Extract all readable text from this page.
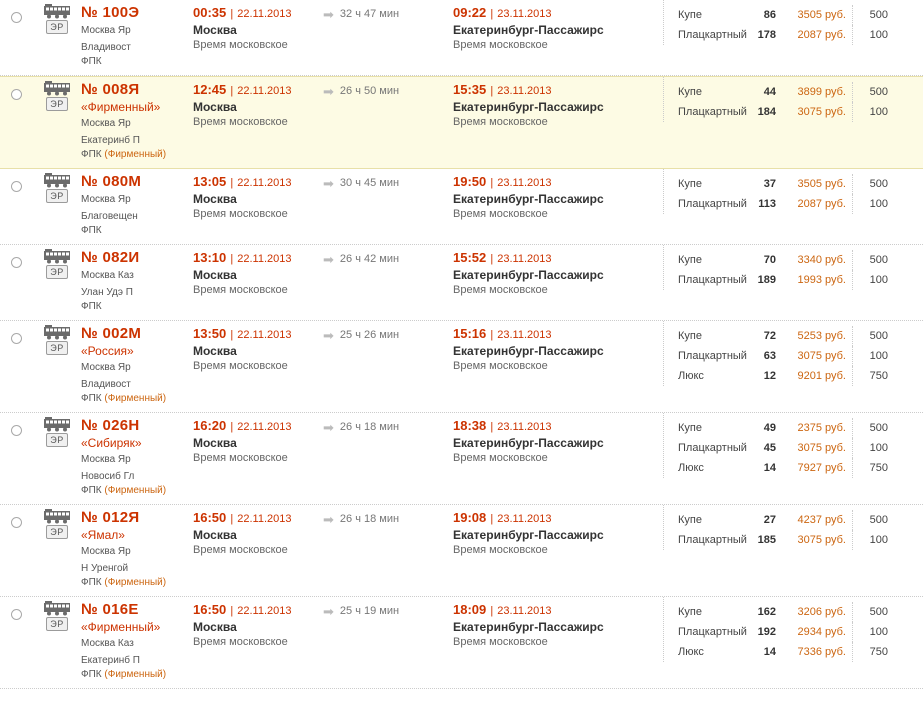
ЭР
№ 100Э
Москва Яр
Владивост
ФПК
00:35 | 22.11.2013
Москва
Время московское
➡ 32 ч 47 мин	09:22 | 23.11.2013
Екатеринбург-Пассажирс
Время московское
Купе	86	3505 руб.	500
Плацкартный 178	2087 руб.	100
ЭР
№ 008Я
«Фирменный»
Москва Яр
Екатеринб П
ФПК (Фирменный)
12:45 | 22.11.2013
Москва
Время московское
➡ 26 ч 50 мин	15:35 | 23.11.2013
Екатеринбург-Пассажирс
Время московское
Купе	44	3899 руб.	500
Плацкартный 184	3075 руб.	100
ЭР
№ 080М
Москва Яр
Благовещен
ФПК
13:05 | 22.11.2013
Москва
Время московское
➡ 30 ч 45 мин	19:50 | 23.11.2013
Екатеринбург-Пассажирс
Время московское
Купе	37	3505 руб.	500
Плацкартный	113	2087 руб.	100
ЭР
№ 082И
Москва Каз
Улан Удэ П
ФПК
13:10 | 22.11.2013
Москва
Время московское
➡ 26 ч 42 мин	15:52 | 23.11.2013
Екатеринбург-Пассажирс
Время московское
Купе	70	3340 руб.	500
Плацкартный 189	1993 руб.	100
ЭР
№ 002М
«Россия»
Москва Яр
Владивост
ФПК (Фирменный)
13:50 | 22.11.2013
Москва
Время московское
➡ 25 ч 26 мин	15:16 | 23.11.2013
Екатеринбург-Пассажирс
Время московское
Купе	72	5253 руб.	500
Плацкартный	63	3075 руб.	100
Люкс	12	9201 руб.	750
ЭР
№ 026Н
«Сибиряк»
Москва Яр
Новосиб Гл
ФПК (Фирменный)
16:20 | 22.11.2013
Москва
Время московское
➡ 26 ч 18 мин	18:38 | 23.11.2013
Екатеринбург-Пассажирс
Время московское
Купе	49	2375 руб.	500
Плацкартный	45	3075 руб.	100
Люкс	14	7927 руб.	750
ЭР
№ 012Я
«Ямал»
Москва Яр
Н Уренгой
ФПК (Фирменный)
16:50 | 22.11.2013
Москва
Время московское
➡ 26 ч 18 мин	19:08 | 23.11.2013
Екатеринбург-Пассажирс
Время московское
Купе	27	4237 руб.	500
Плацкартный 185	3075 руб.	100
ЭР
№ 016Е
«Фирменный»
Москва Каз
Екатеринб П
ФПК (Фирменный)
16:50 | 22.11.2013
Москва
Время московское
➡ 25 ч 19 мин	18:09 | 23.11.2013
Екатеринбург-Пассажирс
Время московское
Купе	162	3206 руб.	500
Плацкартный 192	2934 руб.	100
Люкс	14	7336 руб.	750
